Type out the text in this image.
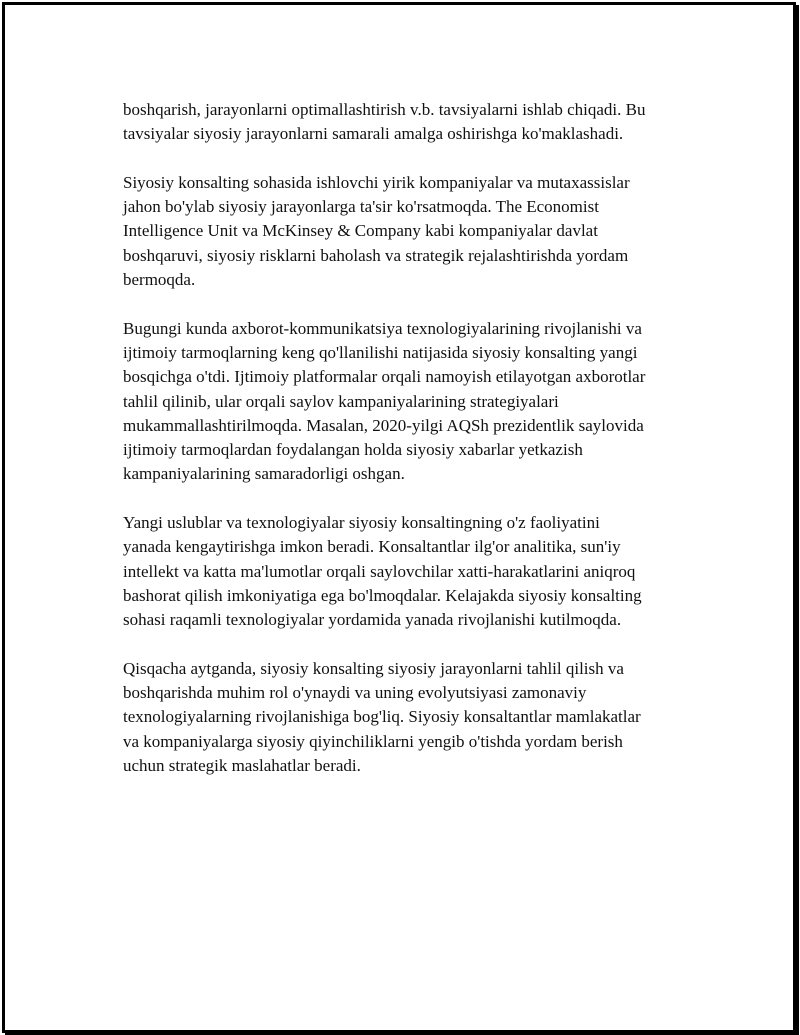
boshqarish, jarayonlarni optimallashtirish v.b. tavsiyalarni ishlab chiqadi. Bu
tavsiyalar siyosiy jarayonlarni samarali amalga oshirishga ko'maklashadi.

Siyosiy konsalting sohasida ishlovchi yirik kompaniyalar va mutaxassislar
jahon bo'ylab siyosiy jarayonlarga ta'sir ko'rsatmoqda. The Economist
Intelligence Unit va McKinsey & Company kabi kompaniyalar davlat
boshqaruvi, siyosiy risklarni baholash va strategik rejalashtirishda yordam
bermoqda.

Bugungi kunda axborot-kommunikatsiya texnologiyalarining rivojlanishi va
ijtimoiy tarmoqlarning keng qo'llanilishi natijasida siyosiy konsalting yangi
bosqichga o'tdi. Ijtimoiy platformalar orqali namoyish etilayotgan axborotlar
tahlil qilinib, ular orqali saylov kampaniyalarining strategiyalari
mukammallashtirilmoqda. Masalan, 2020-yilgi AQSh prezidentlik saylovida
ijtimoiy tarmoqlardan foydalangan holda siyosiy xabarlar yetkazish
kampaniyalarining samaradorligi oshgan.

Yangi uslublar va texnologiyalar siyosiy konsaltingning o'z faoliyatini
yanada kengaytirishga imkon beradi. Konsaltantlar ilg'or analitika, sun'iy
intellekt va katta ma'lumotlar orqali saylovchilar xatti-harakatlarini aniqroq
bashorat qilish imkoniyatiga ega bo'lmoqdalar. Kelajakda siyosiy konsalting
sohasi raqamli texnologiyalar yordamida yanada rivojlanishi kutilmoqda.

Qisqacha aytganda, siyosiy konsalting siyosiy jarayonlarni tahlil qilish va
boshqarishda muhim rol o'ynaydi va uning evolyutsiyasi zamonaviy
texnologiyalarning rivojlanishiga bog'liq. Siyosiy konsaltantlar mamlakatlar
va kompaniyalarga siyosiy qiyinchiliklarni yengib o'tishda yordam berish
uchun strategik maslahatlar beradi.
